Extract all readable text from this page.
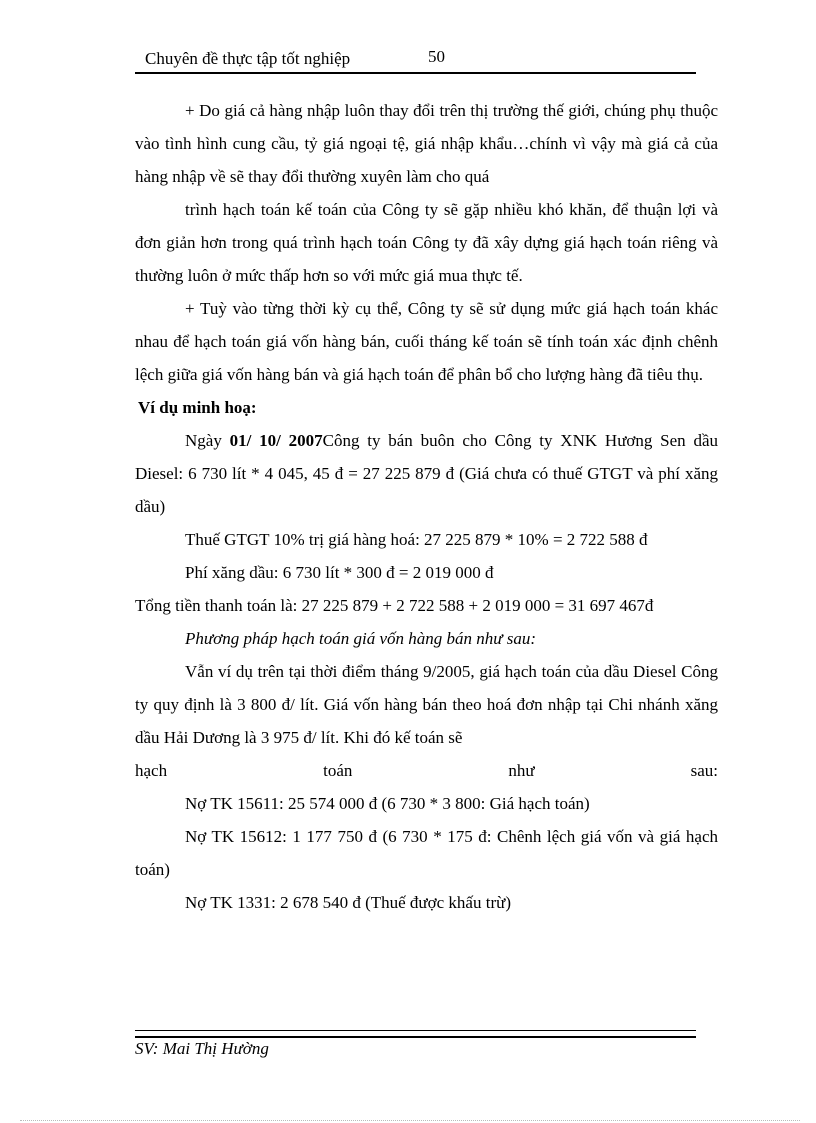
Chuyên đề thực tập tốt nghiệp	50

+ Do giá cả hàng nhập luôn thay đổi trên thị trường thế giới, chúng phụ thuộc vào tình hình cung cầu, tỷ giá ngoại tệ, giá nhập khẩu…chính vì vậy mà giá cả của hàng nhập về sẽ thay đổi thường xuyên làm cho quá

trình hạch toán kế toán của Công ty sẽ gặp nhiều khó khăn, để thuận lợi và đơn giản hơn trong quá trình hạch toán Công ty đã xây dựng giá hạch toán riêng và thường luôn ở mức thấp hơn so với mức giá mua thực tế.

+ Tuỳ vào từng thời kỳ cụ thể, Công ty sẽ sử dụng mức giá hạch toán khác nhau để hạch toán giá vốn hàng bán, cuối tháng kế toán sẽ tính toán xác định chênh lệch giữa giá vốn hàng bán và giá hạch toán để phân bổ cho lượng hàng đã tiêu thụ.

Ví dụ minh hoạ:

Ngày 01/ 10/ 2007Công ty bán buôn cho Công ty XNK Hương Sen dầu Diesel: 6 730 lít * 4 045, 45 đ = 27 225 879 đ (Giá chưa có thuế GTGT và phí xăng dầu)

Thuế GTGT 10% trị giá hàng hoá: 27 225 879 * 10% = 2 722 588 đ

Phí xăng dầu: 6 730 lít * 300 đ = 2 019 000 đ

Tổng tiền thanh toán là: 27 225 879 + 2 722 588 + 2 019 000 = 31 697 467đ

Phương pháp hạch toán giá vốn hàng bán như sau:

Vẫn ví dụ trên tại thời điểm tháng 9/2005, giá hạch toán của dầu Diesel Công ty quy định là 3 800 đ/ lít. Giá vốn hàng bán theo hoá đơn nhập tại Chi nhánh xăng dầu Hải Dương là 3 975 đ/ lít. Khi đó kế toán sẽ

hạch toán như sau:

Nợ TK 15611: 25 574 000 đ (6 730 * 3 800: Giá hạch toán)

Nợ TK 15612: 1 177 750 đ (6 730 * 175 đ: Chênh lệch giá vốn và giá hạch toán)

Nợ TK 1331: 2 678 540 đ (Thuế được khấu trừ)

SV: Mai Thị Hường
